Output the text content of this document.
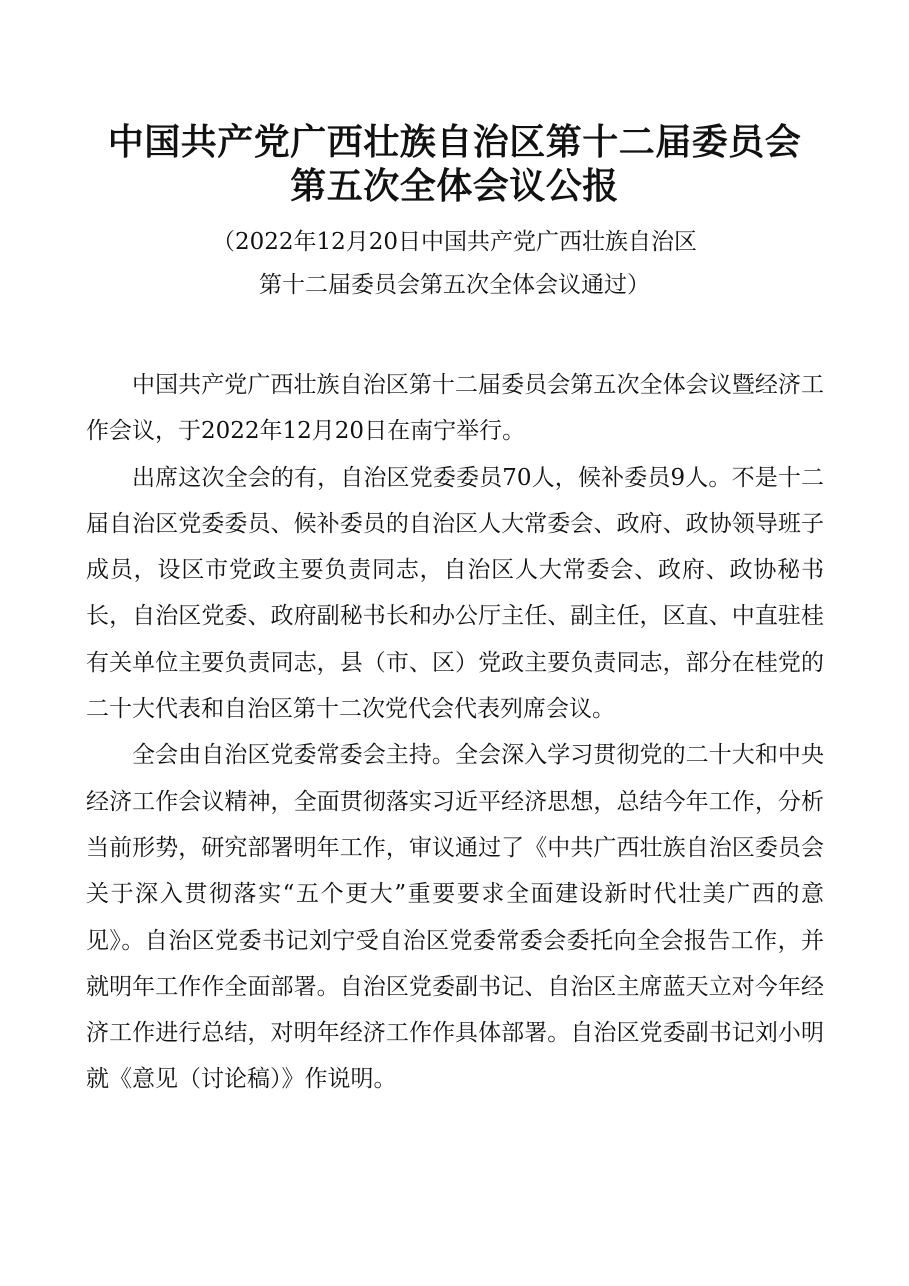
中国共产党广西壮族自治区第十二届委员会
第五次全体会议公报
（2022年12月20日中国共产党广西壮族自治区
第十二届委员会第五次全体会议通过）

中国共产党广西壮族自治区第十二届委员会第五次全体会议暨经济工作会议，于2022年12月20日在南宁举行。

出席这次全会的有，自治区党委委员70人，候补委员9人。不是十二届自治区党委委员、候补委员的自治区人大常委会、政府、政协领导班子成员，设区市党政主要负责同志，自治区人大常委会、政府、政协秘书长，自治区党委、政府副秘书长和办公厅主任、副主任，区直、中直驻桂有关单位主要负责同志，县（市、区）党政主要负责同志，部分在桂党的二十大代表和自治区第十二次党代会代表列席会议。

全会由自治区党委常委会主持。全会深入学习贯彻党的二十大和中央经济工作会议精神，全面贯彻落实习近平经济思想，总结今年工作，分析当前形势，研究部署明年工作，审议通过了《中共广西壮族自治区委员会关于深入贯彻落实“五个更大”重要要求全面建设新时代壮美广西的意见》。自治区党委书记刘宁受自治区党委常委会委托向全会报告工作，并就明年工作作全面部署。自治区党委副书记、自治区主席蓝天立对今年经济工作进行总结，对明年经济工作作具体部署。自治区党委副书记刘小明就《意见（讨论稿）》作说明。
